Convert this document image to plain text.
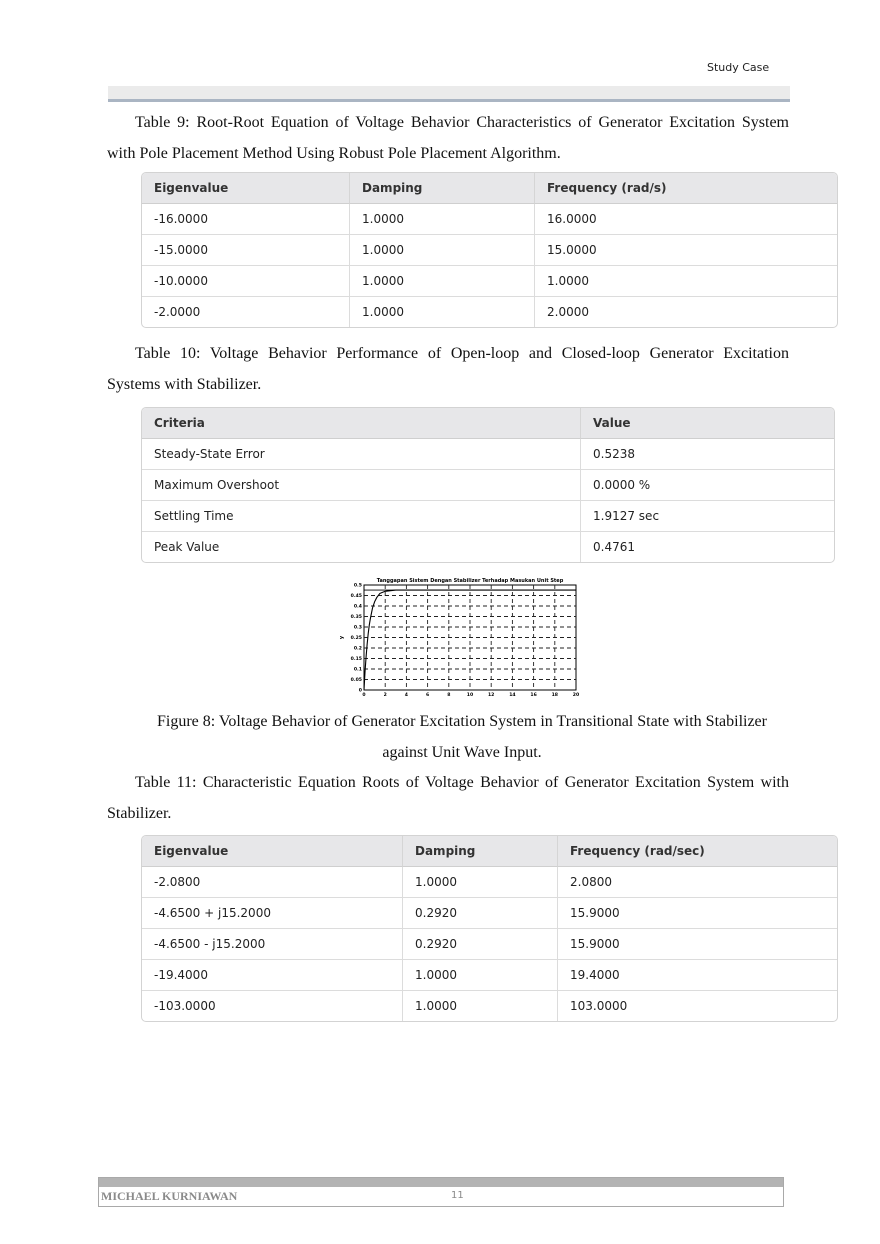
Study Case
Table 9: Root-Root Equation of Voltage Behavior Characteristics of Generator Excitation System with Pole Placement Method Using Robust Pole Placement Algorithm.
Eigenvalue	Damping	Frequency (rad/s)
-16.0000	1.0000	16.0000
-15.0000	1.0000	15.0000
-10.0000	1.0000	1.0000
-2.0000	1.0000	2.0000
Table 10: Voltage Behavior Performance of Open-loop and Closed-loop Generator Excitation Systems with Stabilizer.
Criteria	Value
Steady-State Error	0.5238
Maximum Overshoot	0.0000 %
Settling Time	1.9127 sec
Peak Value	0.4761
0	2	4	6	8	10	12	14	16	18	20
0
0.05
0.1
0.15
0.2
0.25
0.3
0.35
0.4
0.45
0.5
Tanggapan Sistem Dengan Stabilizer Terhadap Masukan Unit Step
y
Figure 8: Voltage Behavior of Generator Excitation System in Transitional State with Stabilizer against Unit Wave Input.
Table 11: Characteristic Equation Roots of Voltage Behavior of Generator Excitation System with Stabilizer.
Eigenvalue	Damping	Frequency (rad/sec)
-2.0800	1.0000	2.0800
-4.6500 + j15.2000	0.2920	15.9000
-4.6500 - j15.2000	0.2920	15.9000
-19.4000	1.0000	19.4000
-103.0000	1.0000	103.0000
MICHAEL KURNIAWAN	11
